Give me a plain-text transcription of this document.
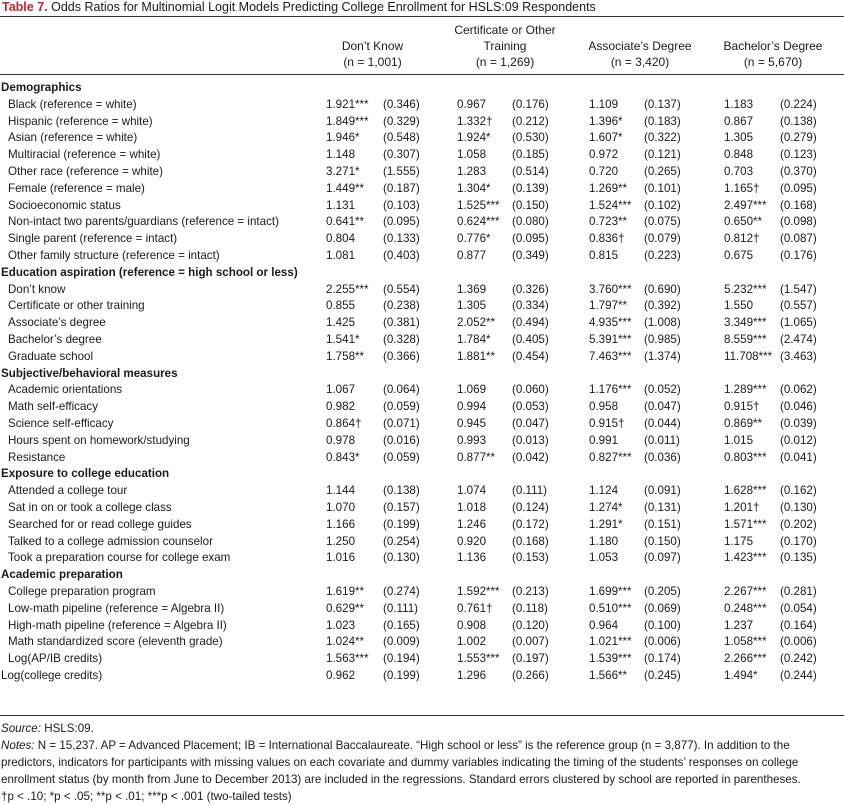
Table 7. Odds Ratios for Multinomial Logit Models Predicting College Enrollment for HSLS:09 Respondents
Don’t Know
(n = 1,001)
Certificate or Other
Training
(n = 1,269)
Associate’s Degree
(n = 3,420)
Bachelor’s Degree
(n = 5,670)
Demographics
Black (reference = white)	1.921*** (0.346)	0.967 (0.176)	1.109 (0.137)	1.183 (0.224)
Hispanic (reference = white)	1.849*** (0.329)	1.332† (0.212)	1.396* (0.183)	0.867 (0.138)
Asian (reference = white)	1.946* (0.548)	1.924* (0.530)	1.607* (0.322)	1.305 (0.279)
Multiracial (reference = white)	1.148 (0.307)	1.058 (0.185)	0.972 (0.121)	0.848 (0.123)
Other race (reference = white)	3.271* (1.555)	1.283 (0.514)	0.720 (0.265)	0.703 (0.370)
Female (reference = male)	1.449** (0.187)	1.304* (0.139)	1.269** (0.101)	1.165† (0.095)
Socioeconomic status	1.131 (0.103)	1.525*** (0.150)	1.524*** (0.102)	2.497*** (0.168)
Non-intact two parents/guardians (reference = intact)	0.641** (0.095)	0.624*** (0.080)	0.723** (0.075)	0.650** (0.098)
Single parent (reference = intact)	0.804 (0.133)	0.776* (0.095)	0.836† (0.079)	0.812† (0.087)
Other family structure (reference = intact)	1.081 (0.403)	0.877 (0.349)	0.815 (0.223)	0.675 (0.176)
Education aspiration (reference = high school or less)
Don’t know	2.255*** (0.554)	1.369 (0.326)	3.760*** (0.690)	5.232*** (1.547)
Certificate or other training	0.855 (0.238)	1.305 (0.334)	1.797** (0.392)	1.550 (0.557)
Associate’s degree	1.425 (0.381)	2.052** (0.494)	4.935*** (1.008)	3.349*** (1.065)
Bachelor’s degree	1.541* (0.328)	1.784* (0.405)	5.391*** (0.985)	8.559*** (2.474)
Graduate school	1.758** (0.366)	1.881** (0.454)	7.463*** (1.374)	11.708*** (3.463)
Subjective/behavioral measures
Academic orientations	1.067 (0.064)	1.069 (0.060)	1.176*** (0.052)	1.289*** (0.062)
Math self-efficacy	0.982 (0.059)	0.994 (0.053)	0.958 (0.047)	0.915† (0.046)
Science self-efficacy	0.864† (0.071)	0.945 (0.047)	0.915† (0.044)	0.869** (0.039)
Hours spent on homework/studying	0.978 (0.016)	0.993 (0.013)	0.991 (0.011)	1.015 (0.012)
Resistance	0.843* (0.059)	0.877** (0.042)	0.827*** (0.036)	0.803*** (0.041)
Exposure to college education
Attended a college tour	1.144 (0.138)	1.074 (0.111)	1.124 (0.091)	1.628*** (0.162)
Sat in on or took a college class	1.070 (0.157)	1.018 (0.124)	1.274* (0.131)	1.201† (0.130)
Searched for or read college guides	1.166 (0.199)	1.246 (0.172)	1.291* (0.151)	1.571*** (0.202)
Talked to a college admission counselor	1.250 (0.254)	0.920 (0.168)	1.180 (0.150)	1.175 (0.170)
Took a preparation course for college exam	1.016 (0.130)	1.136 (0.153)	1.053 (0.097)	1.423*** (0.135)
Academic preparation
College preparation program	1.619** (0.274)	1.592*** (0.213)	1.699*** (0.205)	2.267*** (0.281)
Low-math pipeline (reference = Algebra II)	0.629** (0.111)	0.761† (0.118)	0.510*** (0.069)	0.248*** (0.054)
High-math pipeline (reference = Algebra II)	1.023 (0.165)	0.908 (0.120)	0.964 (0.100)	1.237 (0.164)
Math standardized score (eleventh grade)	1.024** (0.009)	1.002 (0.007)	1.021*** (0.006)	1.058*** (0.006)
Log(AP/IB credits)	1.563*** (0.194)	1.553*** (0.197)	1.539*** (0.174)	2.266*** (0.242)
Log(college credits)	0.962 (0.199)	1.296 (0.266)	1.566** (0.245)	1.494* (0.244)

Source: HSLS:09.

Notes: N = 15,237. AP = Advanced Placement; IB = International Baccalaureate. “High school or less” is the reference group (n = 3,877). In addition to the predictors, indicators for participants with missing values on each covariate and dummy variables indicating the timing of the students’ responses on college enrollment status (by month from June to December 2013) are included in the regressions. Standard errors clustered by school are reported in parentheses.

†p < .10; *p < .05; **p < .01; ***p < .001 (two-tailed tests)
